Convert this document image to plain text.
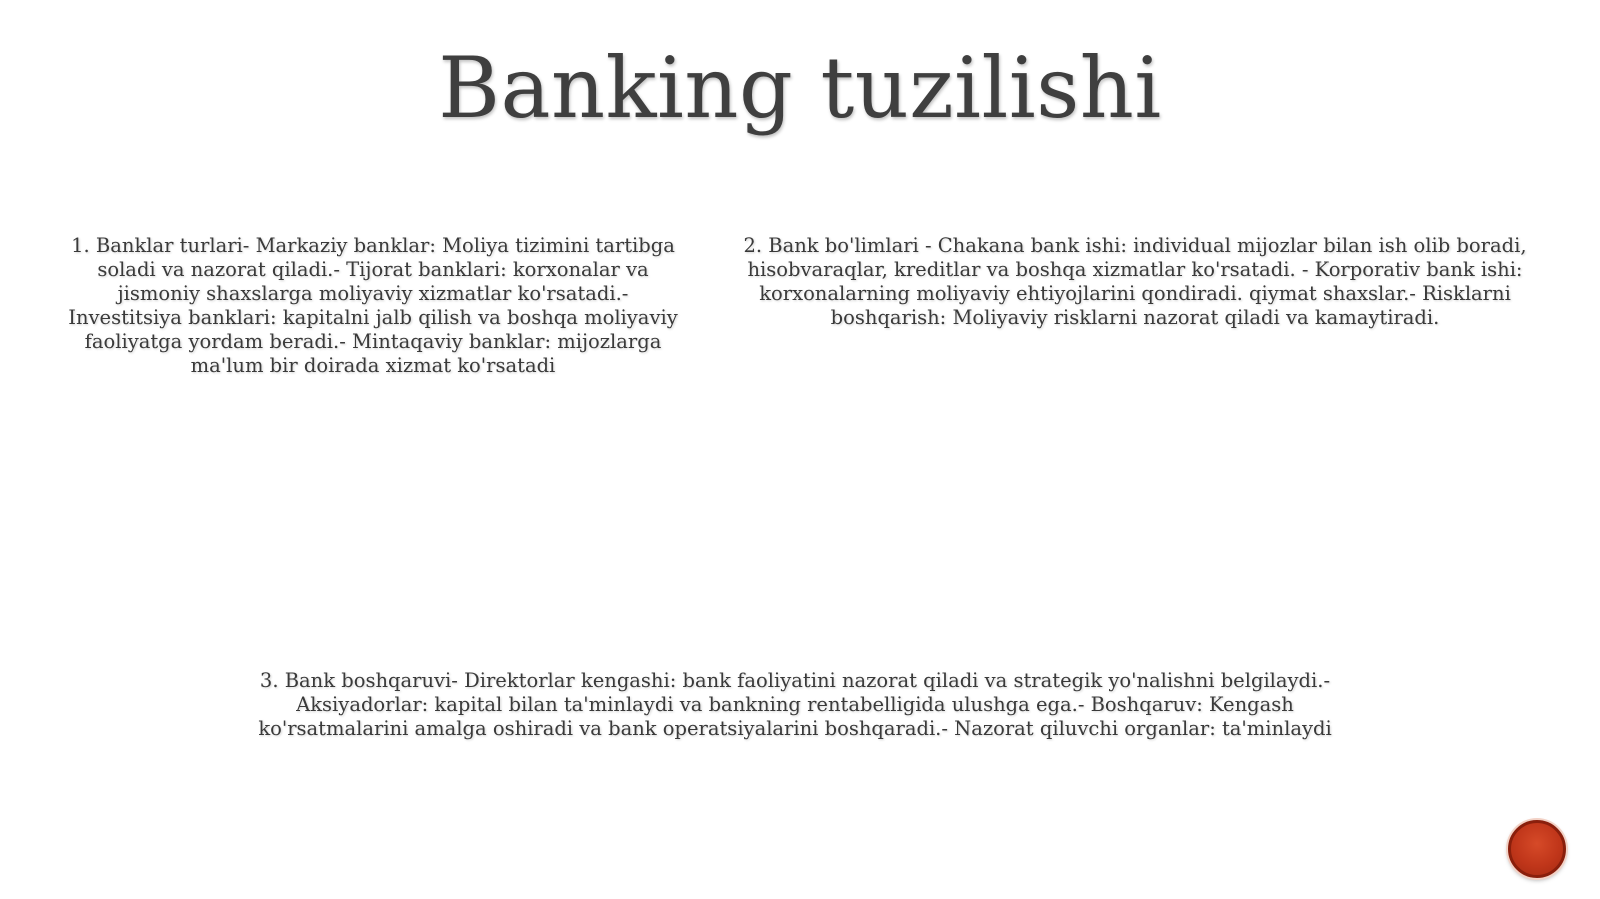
Banking tuzilishi
1. Banklar turlari- Markaziy banklar: Moliya tizimini tartibga soladi va nazorat qiladi.- Tijorat banklari: korxonalar va jismoniy shaxslarga moliyaviy xizmatlar ko'rsatadi.- Investitsiya banklari: kapitalni jalb qilish va boshqa moliyaviy faoliyatga yordam beradi.- Mintaqaviy banklar: mijozlarga ma'lum bir doirada xizmat ko'rsatadi
2. Bank bo'limlari - Chakana bank ishi: individual mijozlar bilan ish olib boradi, hisobvaraqlar, kreditlar va boshqa xizmatlar ko'rsatadi. - Korporativ bank ishi: korxonalarning moliyaviy ehtiyojlarini qondiradi. qiymat shaxslar.- Risklarni boshqarish: Moliyaviy risklarni nazorat qiladi va kamaytiradi.
3. Bank boshqaruvi- Direktorlar kengashi: bank faoliyatini nazorat qiladi va strategik yo'nalishni belgilaydi.- Aksiyadorlar: kapital bilan ta'minlaydi va bankning rentabelligida ulushga ega.- Boshqaruv: Kengash ko'rsatmalarini amalga oshiradi va bank operatsiyalarini boshqaradi.- Nazorat qiluvchi organlar: ta'minlaydi
